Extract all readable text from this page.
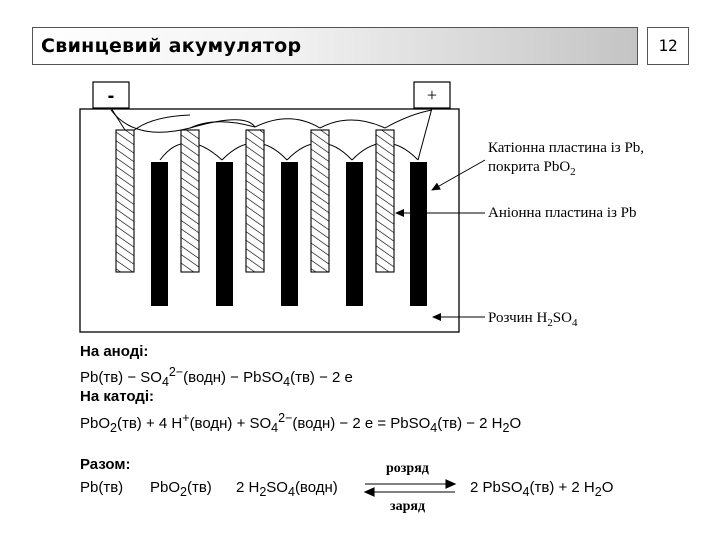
Свинцевий акумулятор	12
-	+
Катіонна пластина із Pb,
покрита PbO$_2$
Аніонна пластина із Pb
Розчин $H_2SO_4$
На аноді:
$Pb(тв) - SO_4^{2-}(водн)$ − PbSO$_4$(тв) − 2 e
На катоді:
PbO$_2$(тв) + 4 H+(водн) + $SO_4^{2-}(водн) - 2$ e = PbSO$_4$(тв) − 2 $H_2O$
Разом:	розряд
заряд
Pb(тв) PbO$_2$(тв) 2 $H_2SO_4(водн)$	2 PbSO$_4$(тв) + 2 $H_2O$
